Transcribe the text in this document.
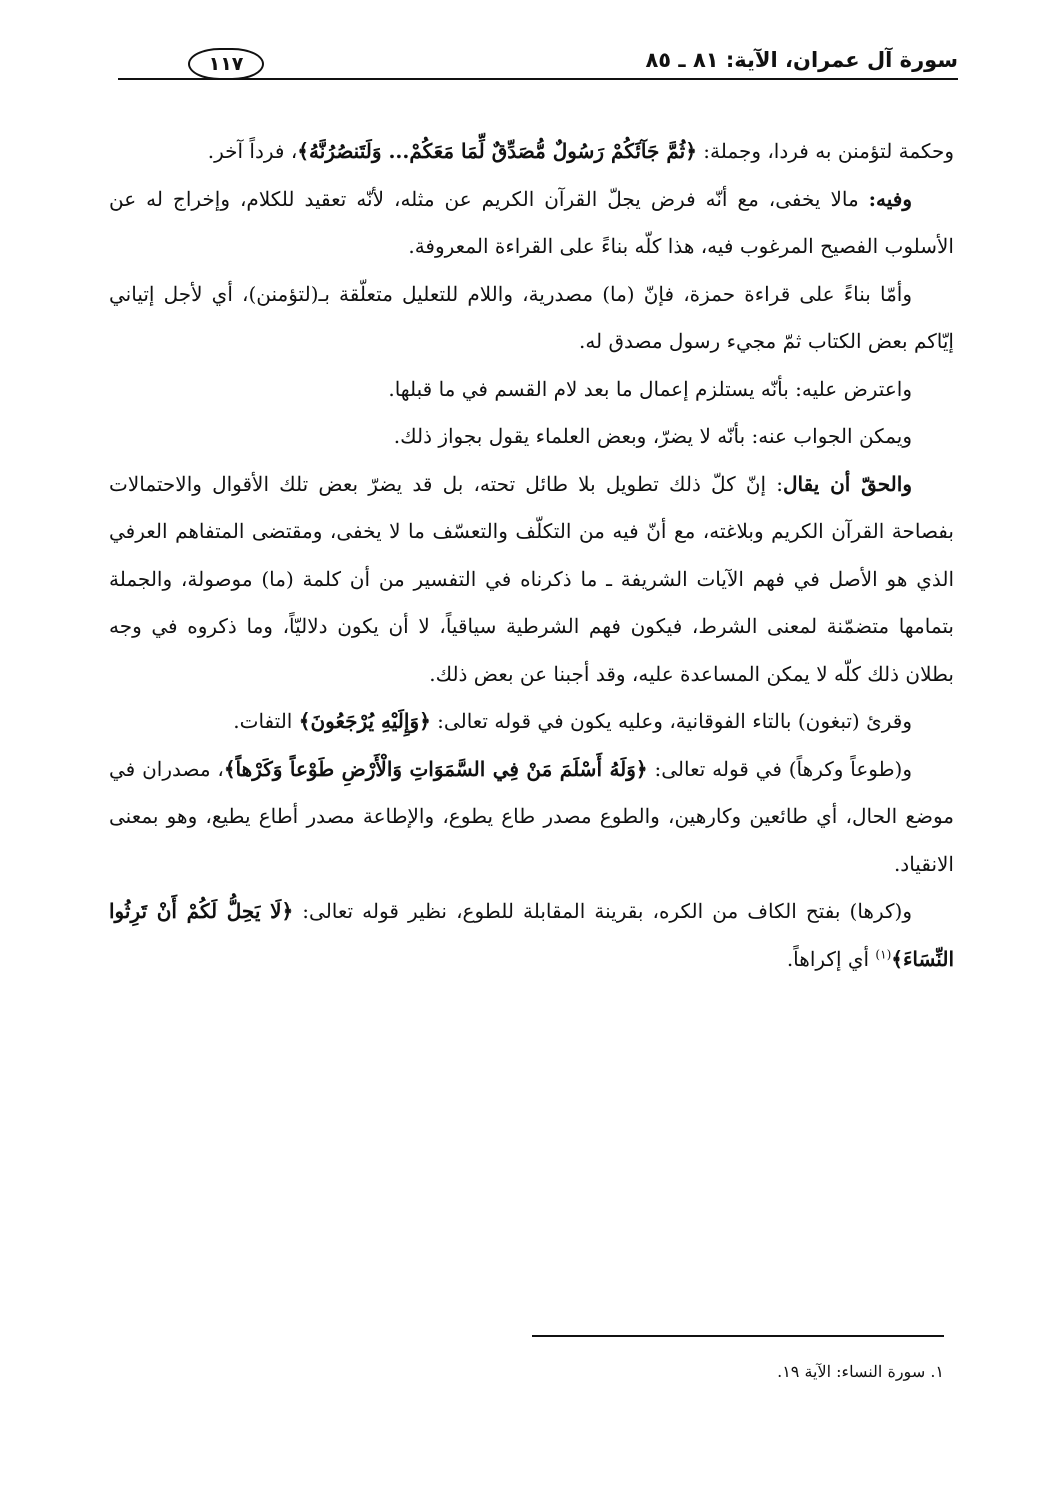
سورة آل عمران، الآية: ٨١ ـ ٨٥
١١٧

وحكمة لتؤمنن به فردا، وجملة: ﴿ثُمَّ جَآئَكُمْ رَسُولٌ مُّصَدِّقٌ لِّمَا مَعَكُمْ... وَلَتَنصُرُنَّهُ﴾، فرداً آخر.

وفيه: مالا يخفى، مع أنّه فرض يجلّ القرآن الكريم عن مثله، لأنّه تعقيد للكلام، وإخراج له عن الأسلوب الفصيح المرغوب فيه، هذا كلّه بناءً على القراءة المعروفة.

وأمّا بناءً على قراءة حمزة، فإنّ (ما) مصدرية، واللام للتعليل متعلّقة بـ(لتؤمنن)، أي لأجل إتياني إيّاكم بعض الكتاب ثمّ مجيء رسول مصدق له.

واعترض عليه: بأنّه يستلزم إعمال ما بعد لام القسم في ما قبلها.

ويمكن الجواب عنه: بأنّه لا يضرّ، وبعض العلماء يقول بجواز ذلك.

والحقّ أن يقال: إنّ كلّ ذلك تطويل بلا طائل تحته، بل قد يضرّ بعض تلك الأقوال والاحتمالات بفصاحة القرآن الكريم وبلاغته، مع أنّ فيه من التكلّف والتعسّف ما لا يخفى، ومقتضى المتفاهم العرفي الذي هو الأصل في فهم الآيات الشريفة ـ ما ذكرناه في التفسير من أن كلمة (ما) موصولة، والجملة بتمامها متضمّنة لمعنى الشرط، فيكون فهم الشرطية سياقياً، لا أن يكون دلاليّاً، وما ذكروه في وجه بطلان ذلك كلّه لا يمكن المساعدة عليه، وقد أجبنا عن بعض ذلك.

وقرئ (تبغون) بالتاء الفوقانية، وعليه يكون في قوله تعالى: ﴿وَإِلَيْهِ يُرْجَعُونَ﴾ التفات.

و(طوعاً وكرهاً) في قوله تعالى: ﴿وَلَهُ أَسْلَمَ مَنْ فِي السَّمَوَاتِ وَالْأَرْضِ طَوْعاً وَكَرْهاً﴾، مصدران في موضع الحال، أي طائعين وكارهين، والطوع مصدر طاع يطوع، والإطاعة مصدر أطاع يطيع، وهو بمعنى الانقياد.

و(كرها) بفتح الكاف من الكره، بقرينة المقابلة للطوع، نظير قوله تعالى: ﴿لَا يَحِلُّ لَكُمْ أَنْ تَرِثُوا النِّسَاءَ﴾$^{(١)}$ أي إكراهاً.

١. سورة النساء: الآية ١٩.
